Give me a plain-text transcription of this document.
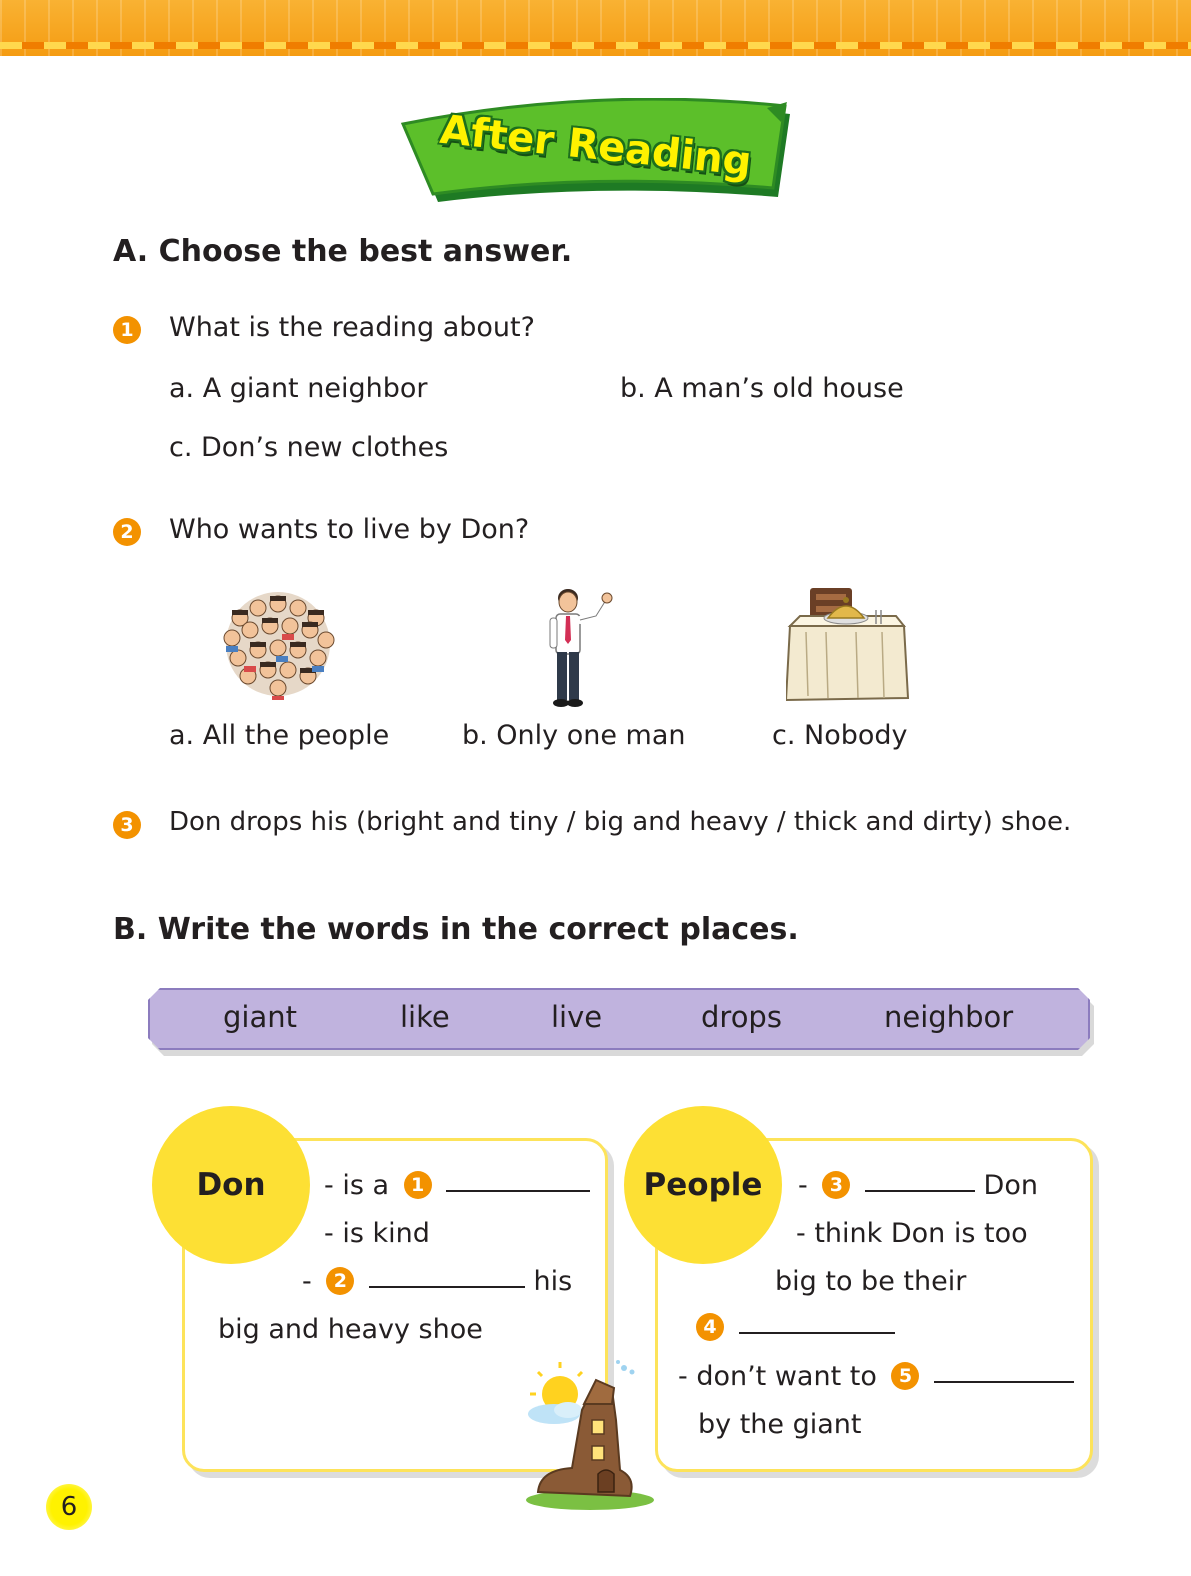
After Reading
A. Choose the best answer.
1 What is the reading about?
a. A giant neighbor	b. A man’s old house
c. Don’s new clothes
2 Who wants to live by Don?
a. All the people	b. Only one man	c. Nobody
3 Don drops his (bright and tiny / big and heavy / thick and dirty) shoe.
B. Write the words in the correct places.
giant	like	live	drops	neighbor
Don	- is a 1
- is kind
- 2	his
big and heavy shoe
People	- 3	Don
- think Don is too
big to be their
4
- don’t want to 5
by the giant
6
